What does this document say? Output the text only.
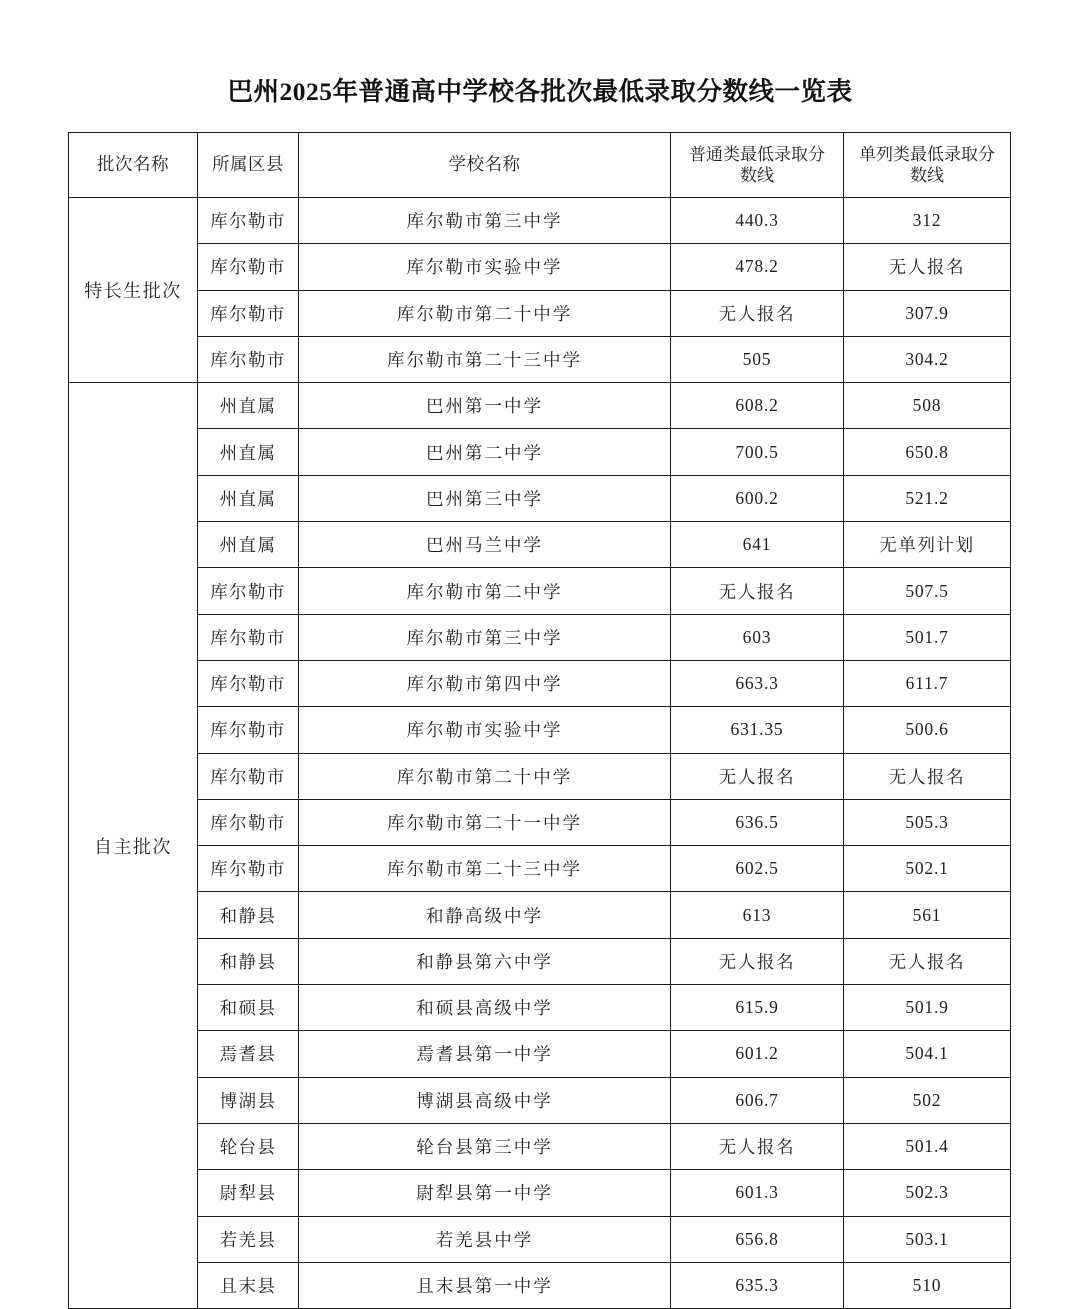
巴州2025年普通高中学校各批次最低录取分数线一览表
批次名称	所属区县	学校名称	普通类最低录取分数线	单列类最低录取分数线
特长生批次	库尔勒市	库尔勒市第三中学	440.3	312
	库尔勒市	库尔勒市实验中学	478.2	无人报名
	库尔勒市	库尔勒市第二十中学	无人报名	307.9
	库尔勒市	库尔勒市第二十三中学	505	304.2
自主批次	州直属	巴州第一中学	608.2	508
	州直属	巴州第二中学	700.5	650.8
	州直属	巴州第三中学	600.2	521.2
	州直属	巴州马兰中学	641	无单列计划
	库尔勒市	库尔勒市第二中学	无人报名	507.5
	库尔勒市	库尔勒市第三中学	603	501.7
	库尔勒市	库尔勒市第四中学	663.3	611.7
	库尔勒市	库尔勒市实验中学	631.35	500.6
	库尔勒市	库尔勒市第二十中学	无人报名	无人报名
	库尔勒市	库尔勒市第二十一中学	636.5	505.3
	库尔勒市	库尔勒市第二十三中学	602.5	502.1
	和静县	和静高级中学	613	561
	和静县	和静县第六中学	无人报名	无人报名
	和硕县	和硕县高级中学	615.9	501.9
	焉耆县	焉耆县第一中学	601.2	504.1
	博湖县	博湖县高级中学	606.7	502
	轮台县	轮台县第三中学	无人报名	501.4
	尉犁县	尉犁县第一中学	601.3	502.3
	若羌县	若羌县中学	656.8	503.1
	且末县	且末县第一中学	635.3	510
